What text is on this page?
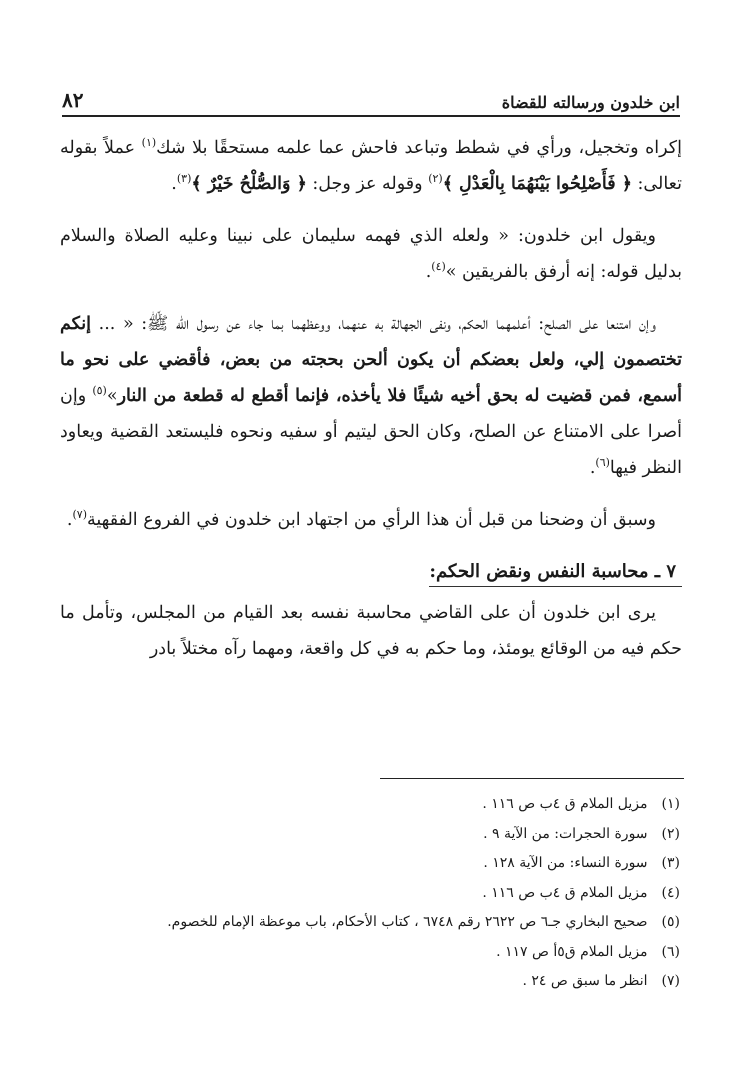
ابن خلدون ورسالته للقضاة
٨٢

إكراه وتخجيل، ورأي في شطط وتباعد فاحش عما علمه مستحقًا بلا شك$^{(١)}$ عملاً بقوله تعالى: ﴿ فَأَصْلِحُوا بَيْنَهُمَا بِالْعَدْلِ ﴾$^{(٢)}$ وقوله عز وجل: ﴿ وَالصُّلْحُ خَيْرٌ ﴾$^{(٣)}$.

ويقول ابن خلدون: « ولعله الذي فهمه سليمان على نبينا وعليه الصلاة والسلام بدليل قوله: إنه أرفق بالفريقين »$^{(٤)}$.

وإن امتنعا على الصلح: أعلمهما الحكم، ونفى الجهالة به عنهما، ووعظهما بما جاء عن رسول الله ﷺ: « ... إنكم تختصمون إلي، ولعل بعضكم أن يكون ألحن بحجته من بعض، فأقضي على نحو ما أسمع، فمن قضيت له بحق أخيه شيئًا فلا يأخذه، فإنما أقطع له قطعة من النار»$^{(٥)}$ وإن أصرا على الامتناع عن الصلح، وكان الحق ليتيم أو سفيه ونحوه فليستعد القضية ويعاود النظر فيها$^{(٦)}$.

وسبق أن وضحنا من قبل أن هذا الرأي من اجتهاد ابن خلدون في الفروع الفقهية$^{(٧)}$.

٧ ـ محاسبة النفس ونقض الحكم:

يرى ابن خلدون أن على القاضي محاسبة نفسه بعد القيام من المجلس، وتأمل ما حكم فيه من الوقائع يومئذ، وما حكم به في كل واقعة، ومهما رآه مختلاً بادر

(١) مزيل الملام ق ٤ب ص ١١٦ .
(٢) سورة الحجرات: من الآية ٩ .
(٣) سورة النساء: من الآية ١٢٨ .
(٤) مزيل الملام ق ٤ب ص ١١٦ .
(٥) صحيح البخاري جـ٦ ص ٢٦٢٢ رقم ٦٧٤٨ ، كتاب الأحكام، باب موعظة الإمام للخصوم.
(٦) مزيل الملام ق٥أ ص ١١٧ .
(٧) انظر ما سبق ص ٢٤ .
